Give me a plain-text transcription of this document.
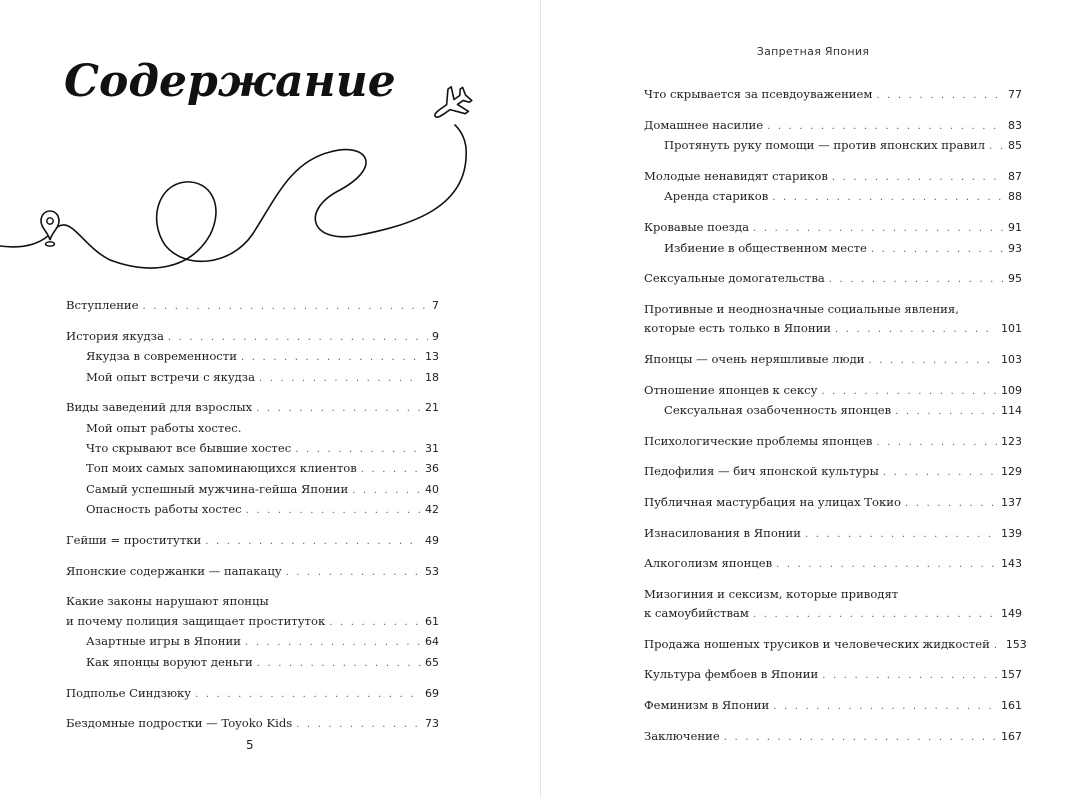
Содержание
Вступление . . .	7
История якудза . . .	9
Якудза в современности . . .	13
Мой опыт встречи с якудза . . .	18
Виды заведений для взрослых . . .	21
Мой опыт работы хостес.
Что скрывают все бывшие хостес . . .	31
Топ моих самых запоминающихся клиентов . . .	36
Самый успешный мужчина-гейша Японии . . .	40
Опасность работы хостес . . .	42
Гейши = проститутки . . .	49
Японские содержанки — папакацу . . .	53
Какие законы нарушают японцы
и почему полиция защищает проституток . . .	61
Азартные игры в Японии . . .	64
Как японцы воруют деньги . . .	65
Подполье Синдзюку . . .	69
Бездомные подростки — Toyoko Kids . . .	73
5
Запретная Япония
Что скрывается за псевдоуважением . . .	77
Домашнее насилие . . .	83
Протянуть руку помощи — против японских правил . . . 85
Молодые ненавидят стариков . . .	87
Аренда стариков . . .	88
Кровавые поезда . . .	91
Избиение в общественном месте . . .	93
Сексуальные домогательства . . .	95
Противные и неоднозначные социальные явления,
которые есть только в Японии . . .	101
Японцы — очень неряшливые люди . . .	103
Отношение японцев к сексу . . .	109
Сексуальная озабоченность японцев . . .	114
Психологические проблемы японцев . . .	123
Педофилия — бич японской культуры . . .	129
Публичная мастурбация на улицах Токио . . .	137
Изнасилования в Японии . . .	139
Алкоголизм японцев . . .	143
Мизогиния и сексизм, которые приводят
к самоубийствам . . .	149
Продажа ношеных трусиков и человеческих жидкостей . . . 153
Культура фембоев в Японии . . .	157
Феминизм в Японии . . .	161
Заключение . . .	167
